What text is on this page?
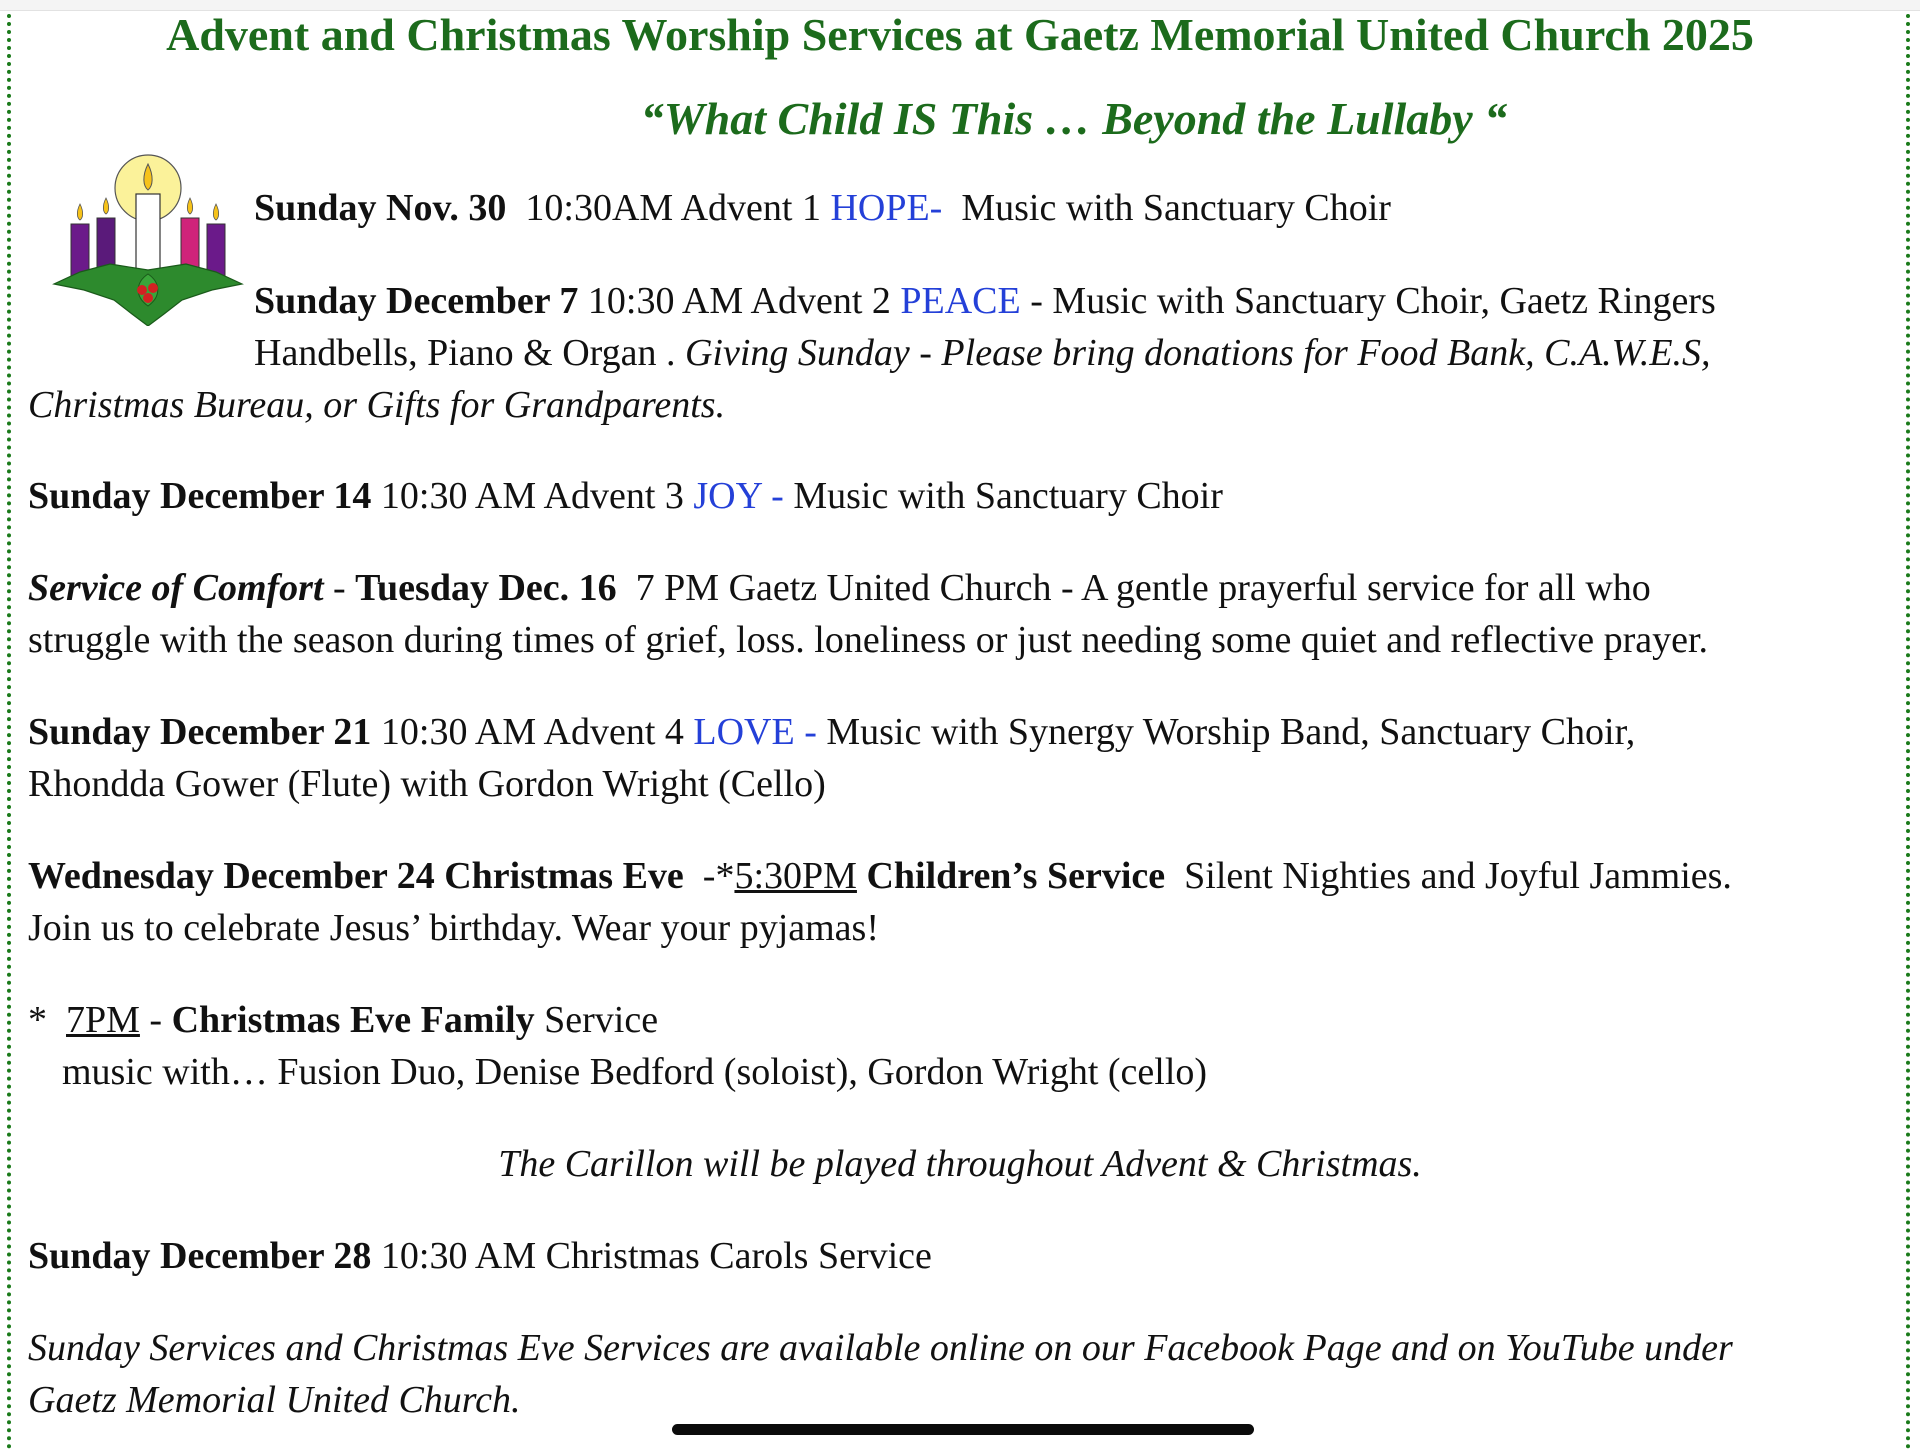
Advent and Christmas Worship Services at Gaetz Memorial United Church 2025
“What Child IS This … Beyond the Lullaby “
Sunday Nov. 30 10:30AM Advent 1 HOPE- Music with Sanctuary Choir
Sunday December 7 10:30 AM Advent 2 PEACE - Music with Sanctuary Choir, Gaetz Ringers
Handbells, Piano & Organ . Giving Sunday - Please bring donations for Food Bank, C.A.W.E.S,
Christmas Bureau, or Gifts for Grandparents.
Sunday December 14 10:30 AM Advent 3 JOY - Music with Sanctuary Choir
Service of Comfort - Tuesday Dec. 16 7 PM Gaetz United Church - A gentle prayerful service for all who
struggle with the season during times of grief, loss. loneliness or just needing some quiet and reflective prayer.
Sunday December 21 10:30 AM Advent 4 LOVE - Music with Synergy Worship Band, Sanctuary Choir,
Rhondda Gower (Flute) with Gordon Wright (Cello)
Wednesday December 24 Christmas Eve -*5:30PM Children’s Service Silent Nighties and Joyful Jammies.
Join us to celebrate Jesus’ birthday. Wear your pyjamas!
* 7PM - Christmas Eve Family Service
music with… Fusion Duo, Denise Bedford (soloist), Gordon Wright (cello)
The Carillon will be played throughout Advent & Christmas.
Sunday December 28 10:30 AM Christmas Carols Service
Sunday Services and Christmas Eve Services are available online on our Facebook Page and on YouTube under
Gaetz Memorial United Church.
